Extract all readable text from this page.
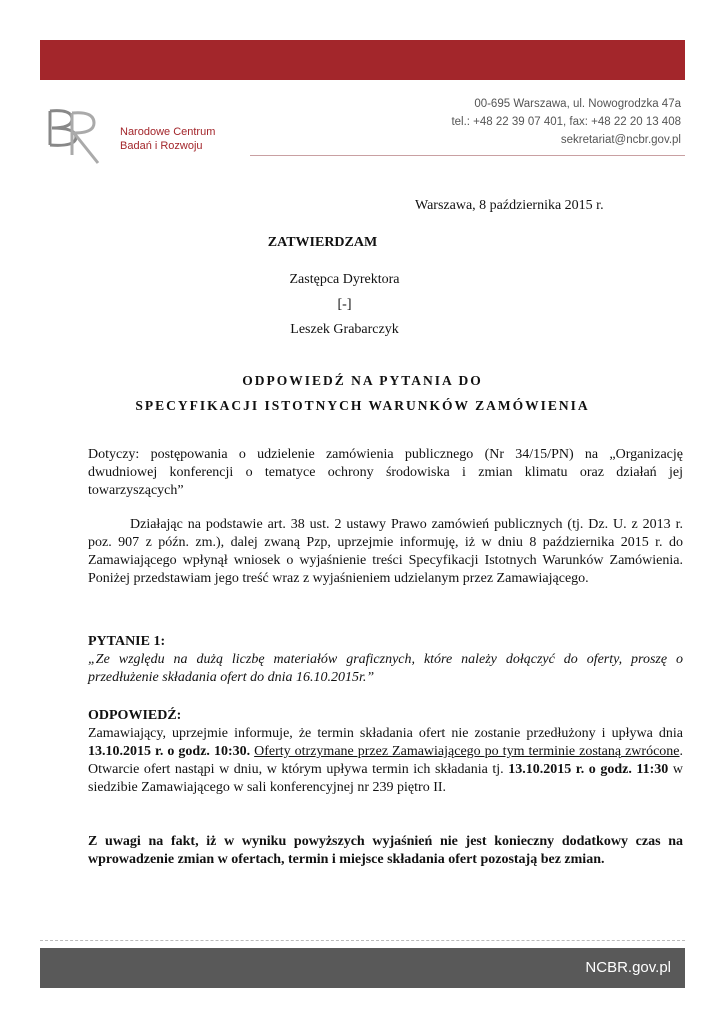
Narodowe Centrum
Badań i Rozwoju
00-695 Warszawa, ul. Nowogrodzka 47a
tel.: +48 22 39 07 401, fax: +48 22 20 13 408
sekretariat@ncbr.gov.pl
Warszawa, 8 października 2015 r.
ZATWIERDZAM
Zastępca Dyrektora
[-]
Leszek Grabarczyk
ODPOWIEDŹ NA PYTANIA DO
SPECYFIKACJI ISTOTNYCH WARUNKÓW ZAMÓWIENIA
Dotyczy: postępowania o udzielenie zamówienia publicznego (Nr 34/15/PN) na „Organizację dwudniowej konferencji o tematyce ochrony środowiska i zmian klimatu oraz działań jej towarzyszących”
Działając na podstawie art. 38 ust. 2 ustawy Prawo zamówień publicznych (tj. Dz. U. z 2013 r. poz. 907 z późn. zm.), dalej zwaną Pzp, uprzejmie informuję, iż w dniu 8 października 2015 r. do Zamawiającego wpłynął wniosek o wyjaśnienie treści Specyfikacji Istotnych Warunków Zamówienia. Poniżej przedstawiam jego treść wraz z wyjaśnieniem udzielanym przez Zamawiającego.
PYTANIE 1:
„Ze względu na dużą liczbę materiałów graficznych, które należy dołączyć do oferty, proszę o przedłużenie składania ofert do dnia 16.10.2015r.”
ODPOWIEDŹ:
Zamawiający, uprzejmie informuje, że termin składania ofert nie zostanie przedłużony i upływa dnia 13.10.2015 r. o godz. 10:30. Oferty otrzymane przez Zamawiającego po tym terminie zostaną zwrócone. Otwarcie ofert nastąpi w dniu, w którym upływa termin ich składania tj. 13.10.2015 r. o godz. 11:30 w siedzibie Zamawiającego w sali konferencyjnej nr 239 piętro II.
Z uwagi na fakt, iż w wyniku powyższych wyjaśnień nie jest konieczny dodatkowy czas na wprowadzenie zmian w ofertach, termin i miejsce składania ofert pozostają bez zmian.
NCBR.gov.pl
